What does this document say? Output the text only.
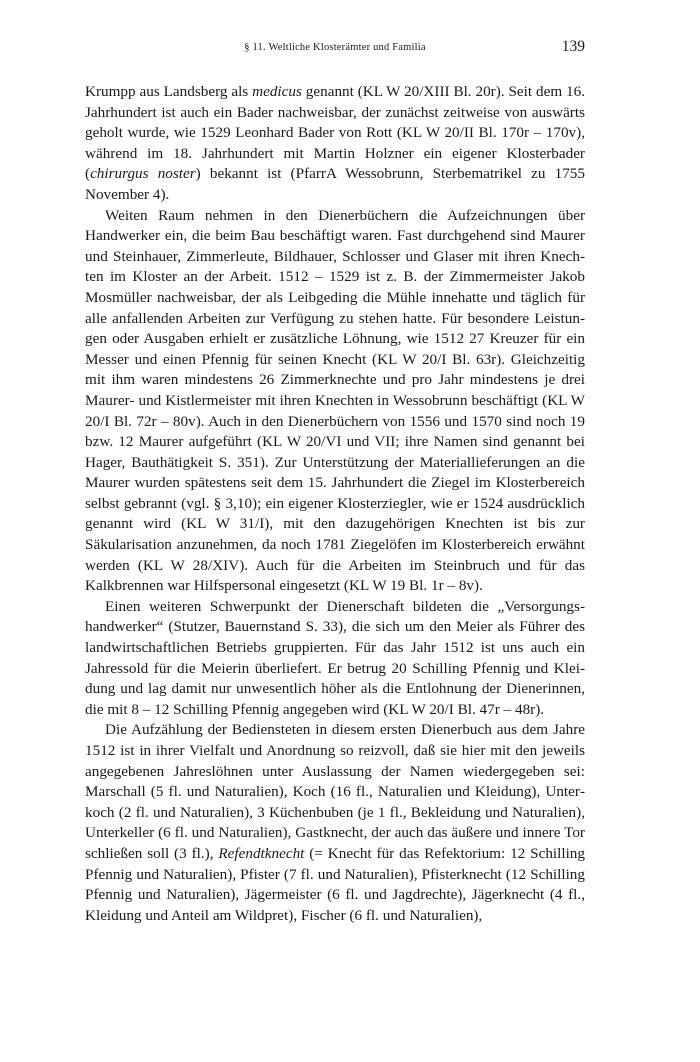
§ 11. Weltliche Klosterämter und Familia	139

Krumpp aus Landsberg als medicus genannt (KL W 20/XIII Bl. 20r). Seit dem 16. Jahrhundert ist auch ein Bader nachweisbar, der zunächst zeitweise von auswärts geholt wurde, wie 1529 Leonhard Bader von Rott (KL W 20/II Bl. 170r – 170v), während im 18. Jahrhundert mit Martin Holzner ein eigener Klosterbader (chirurgus noster) bekannt ist (PfarrA Wessobrunn, Sterbematrikel zu 1755 November 4).

Weiten Raum nehmen in den Dienerbüchern die Aufzeichnungen über Handwerker ein, die beim Bau beschäftigt waren. Fast durchgehend sind Maurer und Steinhauer, Zimmerleute, Bildhauer, Schlosser und Glaser mit ihren Knechten im Kloster an der Arbeit. 1512 – 1529 ist z. B. der Zimmermeister Jakob Mosmüller nachweisbar, der als Leibgeding die Mühle innehatte und täglich für alle anfallenden Arbeiten zur Verfügung zu stehen hatte. Für besondere Leistungen oder Ausgaben erhielt er zusätzliche Löhnung, wie 1512 27 Kreuzer für ein Messer und einen Pfennig für seinen Knecht (KL W 20/I Bl. 63r). Gleichzeitig mit ihm waren mindestens 26 Zimmerknechte und pro Jahr mindestens je drei Maurer- und Kistlermeister mit ihren Knechten in Wessobrunn beschäftigt (KL W 20/I Bl. 72r – 80v). Auch in den Dienerbüchern von 1556 und 1570 sind noch 19 bzw. 12 Maurer aufgeführt (KL W 20/VI und VII; ihre Namen sind genannt bei Hager, Bauthätigkeit S. 351). Zur Unterstützung der Materiallieferungen an die Maurer wurden spätestens seit dem 15. Jahrhundert die Ziegel im Klosterbereich selbst gebrannt (vgl. § 3,10); ein eigener Klosterziegler, wie er 1524 ausdrücklich genannt wird (KL W 31/I), mit den dazugehörigen Knechten ist bis zur Säkularisation anzunehmen, da noch 1781 Ziegelöfen im Klosterbereich erwähnt werden (KL W 28/XIV). Auch für die Arbeiten im Steinbruch und für das Kalkbrennen war Hilfspersonal eingesetzt (KL W 19 Bl. 1r – 8v).

Einen weiteren Schwerpunkt der Dienerschaft bildeten die „Versorgungshandwerker“ (Stutzer, Bauernstand S. 33), die sich um den Meier als Führer des landwirtschaftlichen Betriebs gruppierten. Für das Jahr 1512 ist uns auch ein Jahressold für die Meierin überliefert. Er betrug 20 Schilling Pfennig und Kleidung und lag damit nur unwesentlich höher als die Entlohnung der Dienerinnen, die mit 8 – 12 Schilling Pfennig angegeben wird (KL W 20/I Bl. 47r – 48r).

Die Aufzählung der Bediensteten in diesem ersten Dienerbuch aus dem Jahre 1512 ist in ihrer Vielfalt und Anordnung so reizvoll, daß sie hier mit den jeweils angegebenen Jahreslöhnen unter Auslassung der Namen wiedergegeben sei: Marschall (5 fl. und Naturalien), Koch (16 fl., Naturalien und Kleidung), Unterkoch (2 fl. und Naturalien), 3 Küchenbuben (je 1 fl., Bekleidung und Naturalien), Unterkeller (6 fl. und Naturalien), Gastknecht, der auch das äußere und innere Tor schließen soll (3 fl.), Refendtknecht (= Knecht für das Refektorium: 12 Schilling Pfennig und Naturalien), Pfister (7 fl. und Naturalien), Pfisterknecht (12 Schilling Pfennig und Naturalien), Jägermeister (6 fl. und Jagdrechte), Jägerknecht (4 fl., Kleidung und Anteil am Wildpret), Fischer (6 fl. und Naturalien),
